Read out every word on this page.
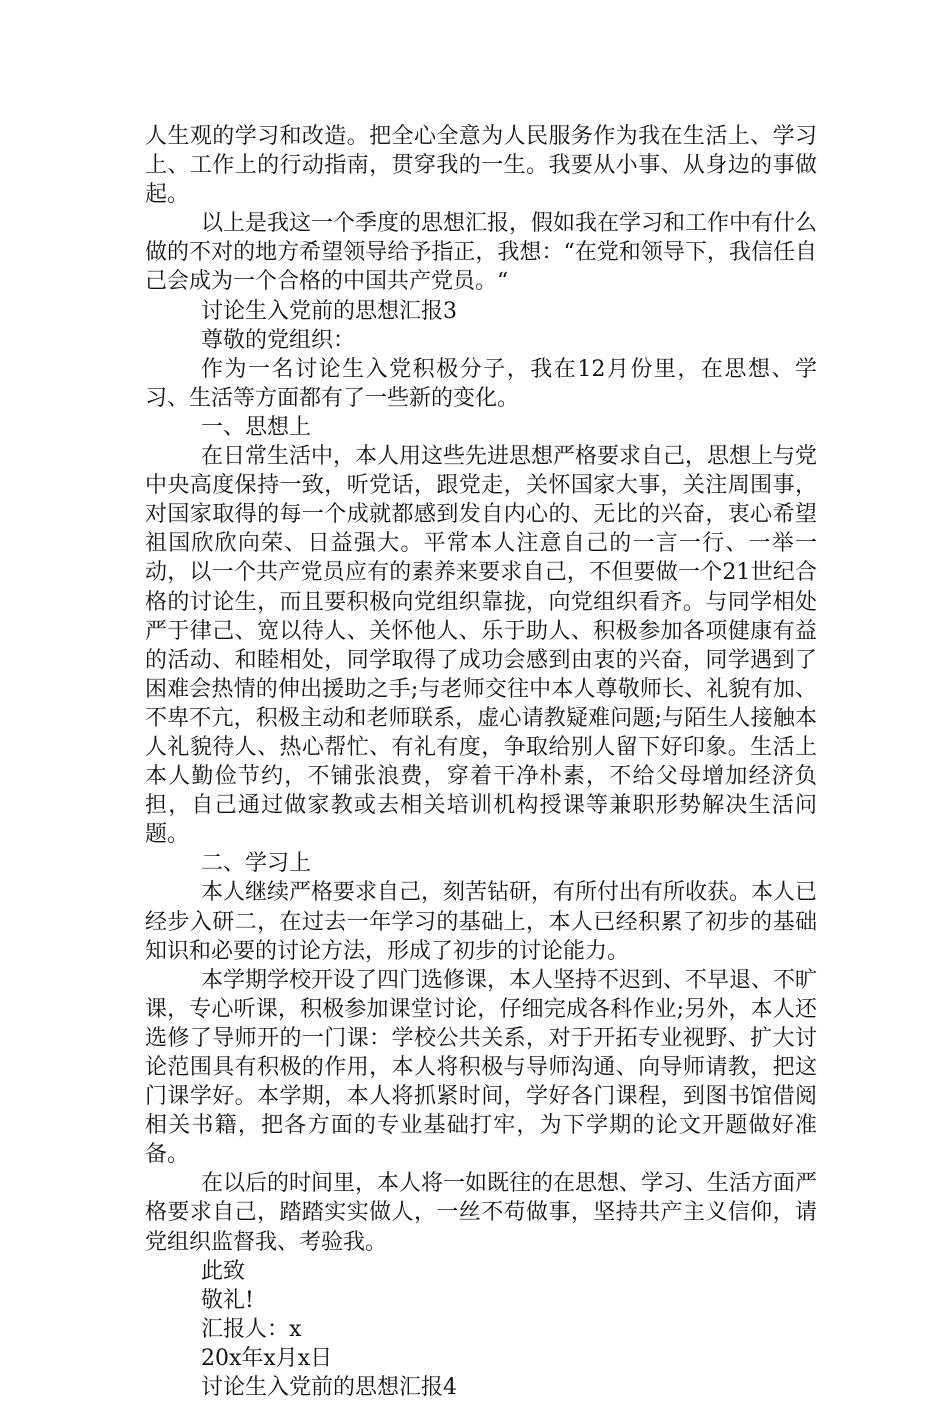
人生观的学习和改造。把全心全意为人民服务作为我在生活上、学习上、工作上的行动指南，贯穿我的一生。我要从小事、从身边的事做起。

以上是我这一个季度的思想汇报，假如我在学习和工作中有什么做的不对的地方希望领导给予指正，我想：“在党和领导下，我信任自己会成为一个合格的中国共产党员。“

讨论生入党前的思想汇报3

尊敬的党组织：

作为一名讨论生入党积极分子，我在12月份里，在思想、学习、生活等方面都有了一些新的变化。

一、思想上

在日常生活中，本人用这些先进思想严格要求自己，思想上与党中央高度保持一致，听党话，跟党走，关怀国家大事，关注周围事，对国家取得的每一个成就都感到发自内心的、无比的兴奋，衷心希望祖国欣欣向荣、日益强大。平常本人注意自己的一言一行、一举一动，以一个共产党员应有的素养来要求自己，不但要做一个21世纪合格的讨论生，而且要积极向党组织靠拢，向党组织看齐。与同学相处严于律己、宽以待人、关怀他人、乐于助人、积极参加各项健康有益的活动、和睦相处，同学取得了成功会感到由衷的兴奋，同学遇到了困难会热情的伸出援助之手;与老师交往中本人尊敬师长、礼貌有加、不卑不亢，积极主动和老师联系，虚心请教疑难问题;与陌生人接触本人礼貌待人、热心帮忙、有礼有度，争取给别人留下好印象。生活上本人勤俭节约，不铺张浪费，穿着干净朴素，不给父母增加经济负担，自己通过做家教或去相关培训机构授课等兼职形势解决生活问题。

二、学习上

本人继续严格要求自己，刻苦钻研，有所付出有所收获。本人已经步入研二，在过去一年学习的基础上，本人已经积累了初步的基础知识和必要的讨论方法，形成了初步的讨论能力。

本学期学校开设了四门选修课，本人坚持不迟到、不早退、不旷课，专心听课，积极参加课堂讨论，仔细完成各科作业;另外，本人还选修了导师开的一门课：学校公共关系，对于开拓专业视野、扩大讨论范围具有积极的作用，本人将积极与导师沟通、向导师请教，把这门课学好。本学期，本人将抓紧时间，学好各门课程，到图书馆借阅相关书籍，把各方面的专业基础打牢，为下学期的论文开题做好准备。

在以后的时间里，本人将一如既往的在思想、学习、生活方面严格要求自己，踏踏实实做人，一丝不苟做事，坚持共产主义信仰，请党组织监督我、考验我。

此致

敬礼!

汇报人：x

20x年x月x日

讨论生入党前的思想汇报4
